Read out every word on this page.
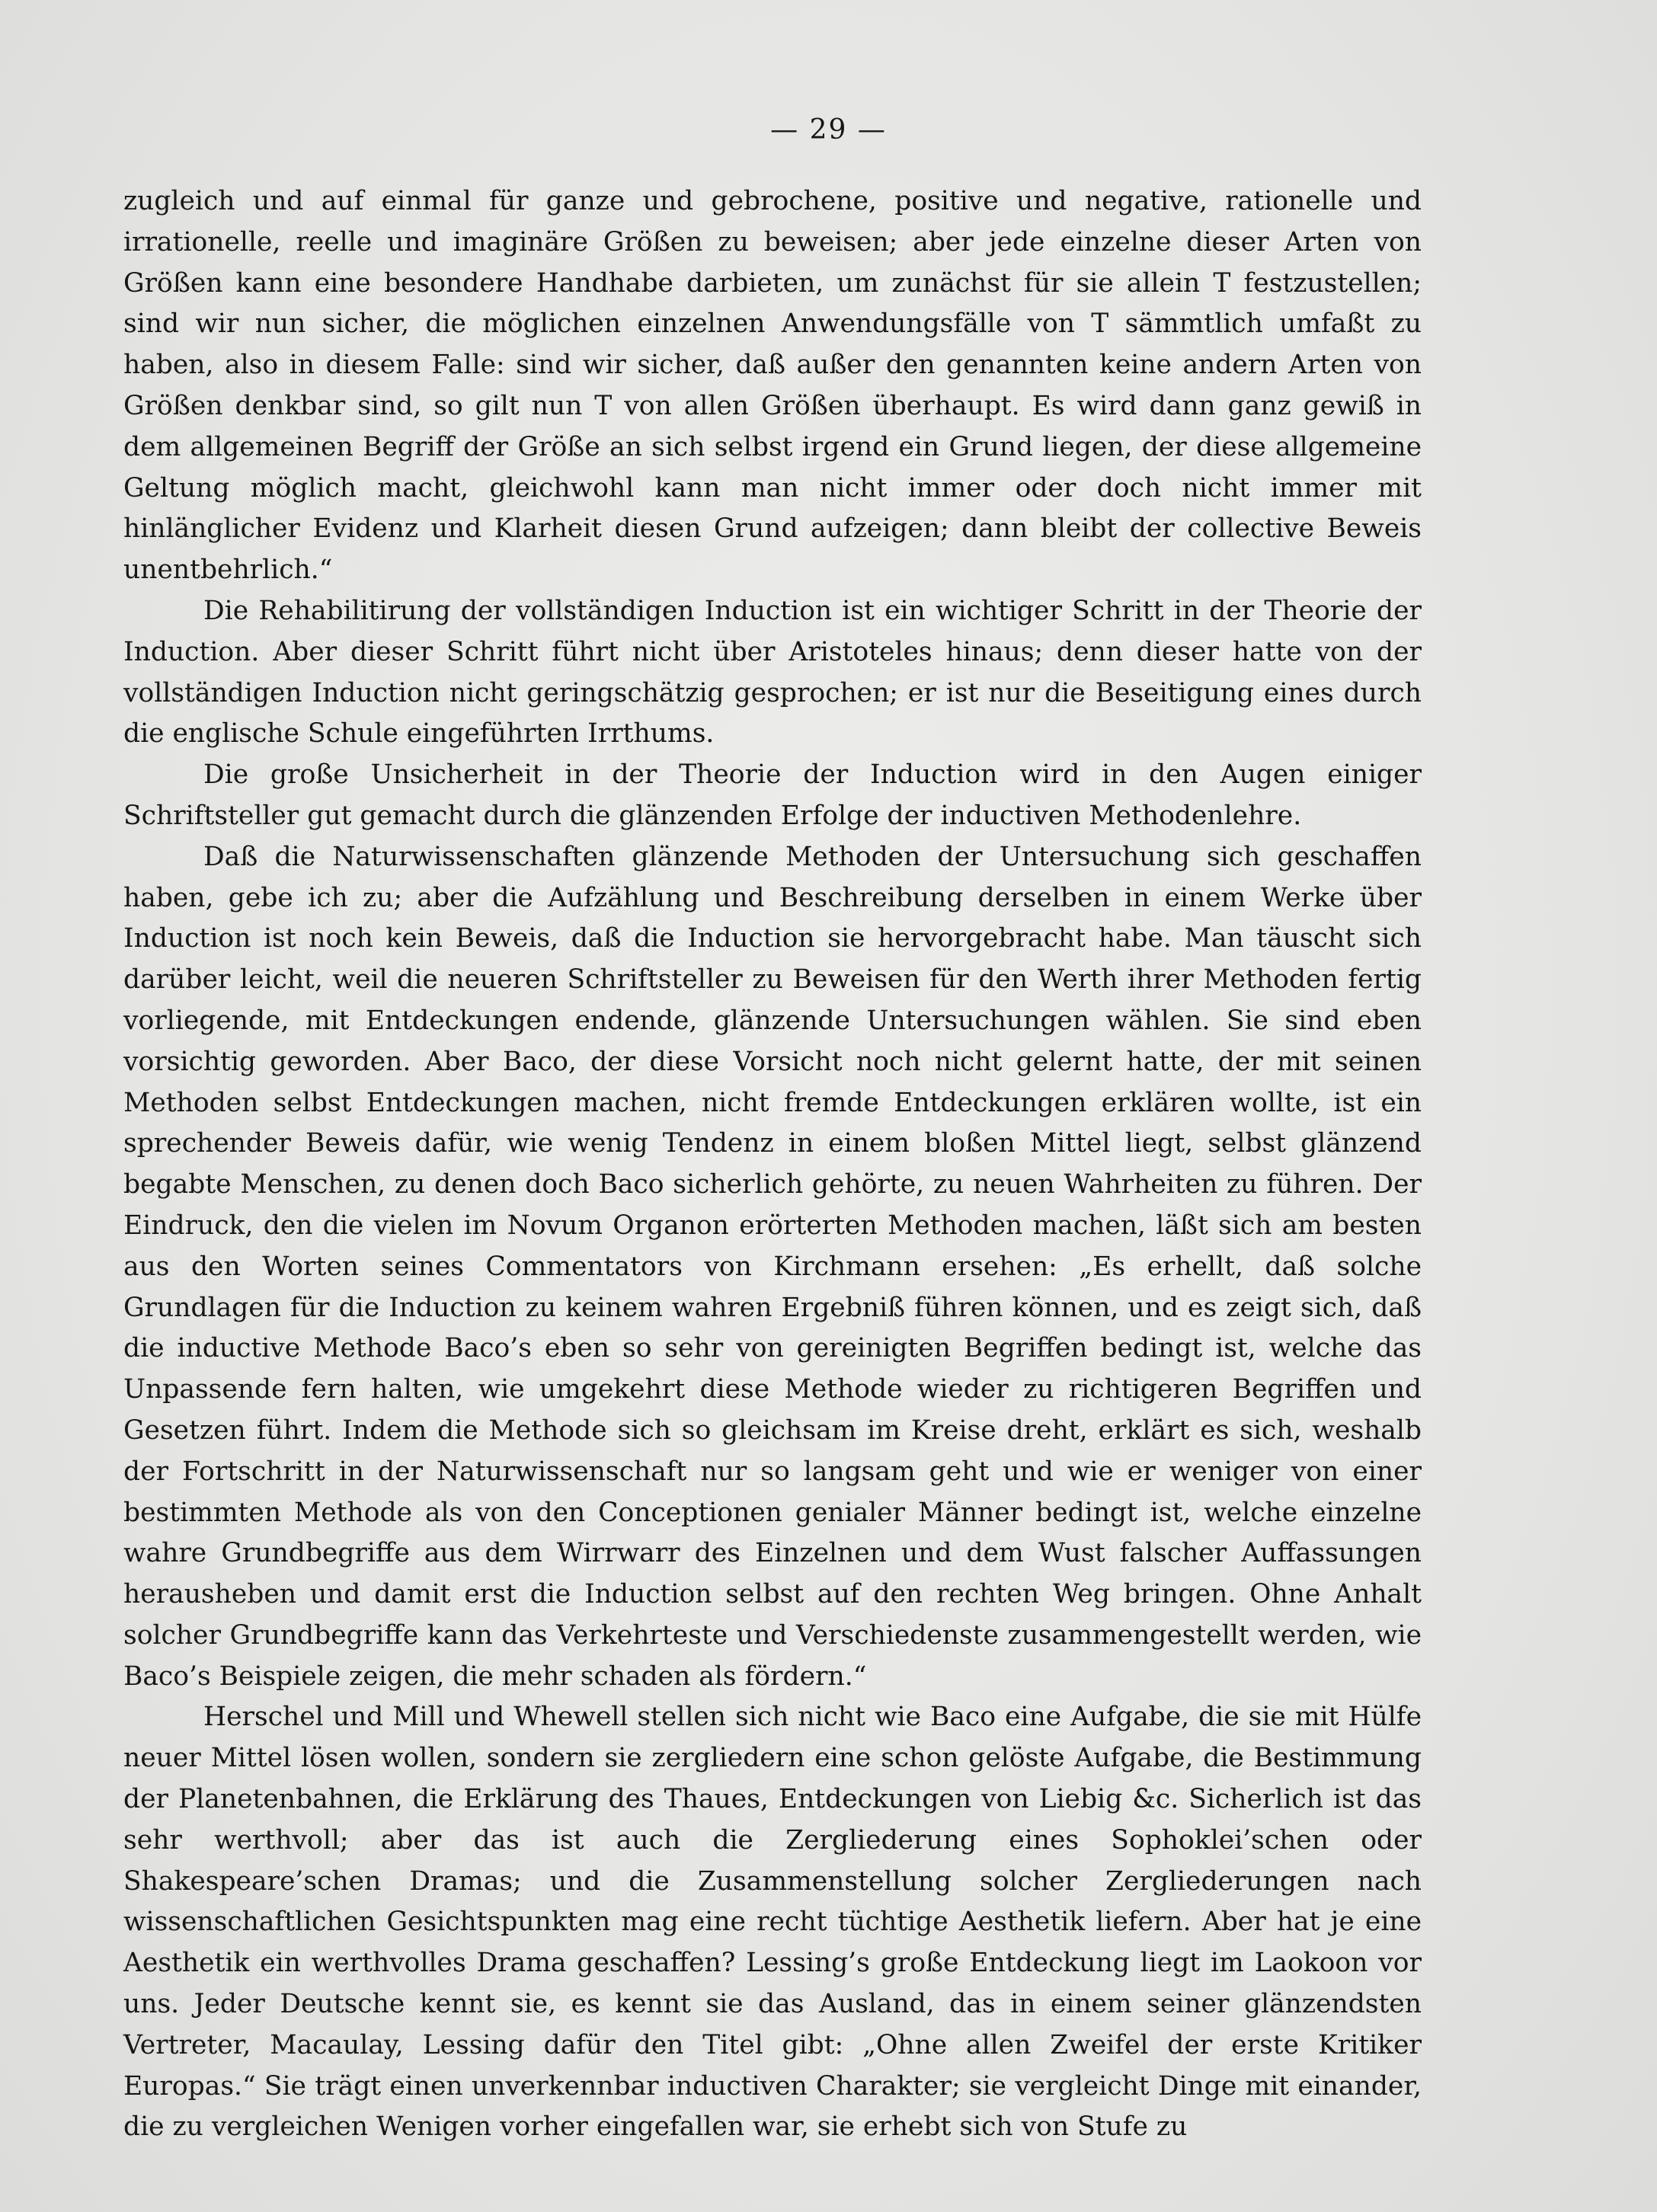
— 29 —

zugleich und auf einmal für ganze und gebrochene, positive und negative, rationelle und irrationelle, reelle und imaginäre Größen zu beweisen; aber jede einzelne dieser Arten von Größen kann eine besondere Handhabe darbieten, um zunächst für sie allein T festzustellen; sind wir nun sicher, die möglichen einzelnen Anwendungsfälle von T sämmtlich umfaßt zu haben, also in diesem Falle: sind wir sicher, daß außer den genannten keine andern Arten von Größen denkbar sind, so gilt nun T von allen Größen überhaupt. Es wird dann ganz gewiß in dem allgemeinen Begriff der Größe an sich selbst irgend ein Grund liegen, der diese allgemeine Geltung möglich macht, gleichwohl kann man nicht immer oder doch nicht immer mit hinlänglicher Evidenz und Klarheit diesen Grund aufzeigen; dann bleibt der collective Beweis unentbehrlich.“

Die Rehabilitirung der vollständigen Induction ist ein wichtiger Schritt in der Theorie der Induction. Aber dieser Schritt führt nicht über Aristoteles hinaus; denn dieser hatte von der vollständigen Induction nicht geringschätzig gesprochen; er ist nur die Beseitigung eines durch die englische Schule eingeführten Irrthums.

Die große Unsicherheit in der Theorie der Induction wird in den Augen einiger Schriftsteller gut gemacht durch die glänzenden Erfolge der inductiven Methodenlehre.

Daß die Naturwissenschaften glänzende Methoden der Untersuchung sich geschaffen haben, gebe ich zu; aber die Aufzählung und Beschreibung derselben in einem Werke über Induction ist noch kein Beweis, daß die Induction sie hervorgebracht habe. Man täuscht sich darüber leicht, weil die neueren Schriftsteller zu Beweisen für den Werth ihrer Methoden fertig vorliegende, mit Entdeckungen endende, glänzende Untersuchungen wählen. Sie sind eben vorsichtig geworden. Aber Baco, der diese Vorsicht noch nicht gelernt hatte, der mit seinen Methoden selbst Entdeckungen machen, nicht fremde Entdeckungen erklären wollte, ist ein sprechender Beweis dafür, wie wenig Tendenz in einem bloßen Mittel liegt, selbst glänzend begabte Menschen, zu denen doch Baco sicherlich gehörte, zu neuen Wahrheiten zu führen. Der Eindruck, den die vielen im Novum Organon erörterten Methoden machen, läßt sich am besten aus den Worten seines Commentators von Kirchmann ersehen: „Es erhellt, daß solche Grundlagen für die Induction zu keinem wahren Ergebniß führen können, und es zeigt sich, daß die inductive Methode Baco’s eben so sehr von gereinigten Begriffen bedingt ist, welche das Unpassende fern halten, wie umgekehrt diese Methode wieder zu richtigeren Begriffen und Gesetzen führt. Indem die Methode sich so gleichsam im Kreise dreht, erklärt es sich, weshalb der Fortschritt in der Naturwissenschaft nur so langsam geht und wie er weniger von einer bestimmten Methode als von den Conceptionen genialer Männer bedingt ist, welche einzelne wahre Grundbegriffe aus dem Wirrwarr des Einzelnen und dem Wust falscher Auffassungen herausheben und damit erst die Induction selbst auf den rechten Weg bringen. Ohne Anhalt solcher Grundbegriffe kann das Verkehrteste und Verschiedenste zusammengestellt werden, wie Baco’s Beispiele zeigen, die mehr schaden als fördern.“

Herschel und Mill und Whewell stellen sich nicht wie Baco eine Aufgabe, die sie mit Hülfe neuer Mittel lösen wollen, sondern sie zergliedern eine schon gelöste Aufgabe, die Bestimmung der Planetenbahnen, die Erklärung des Thaues, Entdeckungen von Liebig &c. Sicherlich ist das sehr werthvoll; aber das ist auch die Zergliederung eines Sophoklei’schen oder Shakespeare’schen Dramas; und die Zusammenstellung solcher Zergliederungen nach wissenschaftlichen Gesichtspunkten mag eine recht tüchtige Aesthetik liefern. Aber hat je eine Aesthetik ein werthvolles Drama geschaffen? Lessing’s große Entdeckung liegt im Laokoon vor uns. Jeder Deutsche kennt sie, es kennt sie das Ausland, das in einem seiner glänzendsten Vertreter, Macaulay, Lessing dafür den Titel gibt: „Ohne allen Zweifel der erste Kritiker Europas.“ Sie trägt einen unverkennbar inductiven Charakter; sie vergleicht Dinge mit einander, die zu vergleichen Wenigen vorher eingefallen war, sie erhebt sich von Stufe zu
